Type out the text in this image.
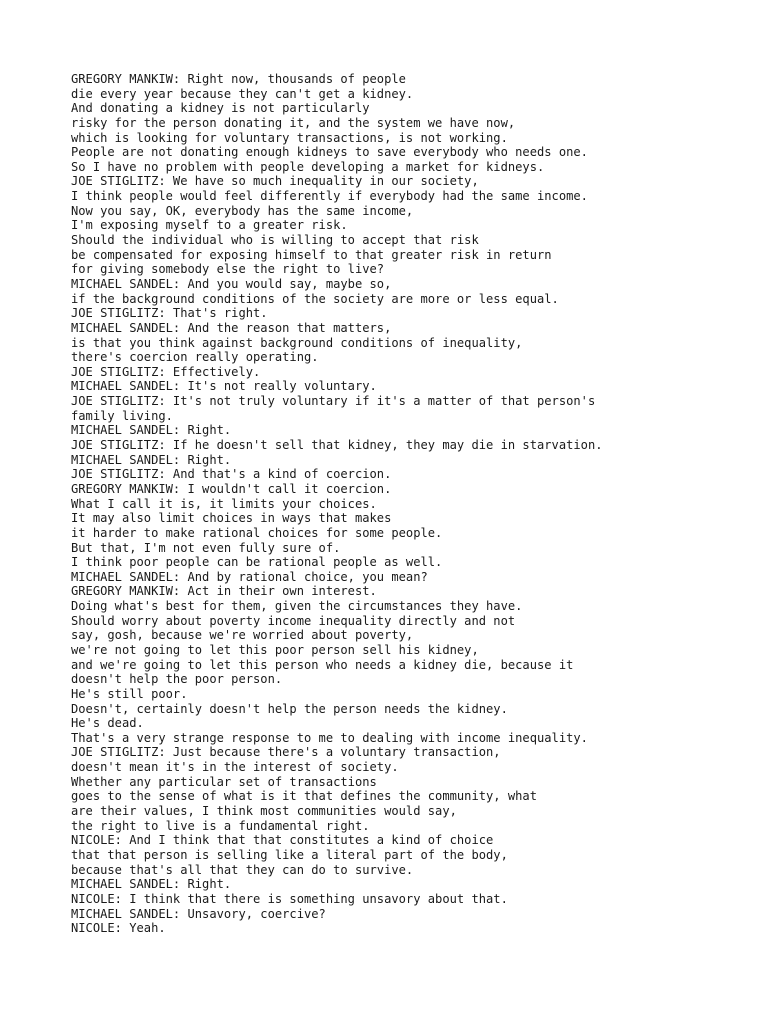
GREGORY MANKIW: Right now, thousands of people
die every year because they can't get a kidney.
And donating a kidney is not particularly
risky for the person donating it, and the system we have now,
which is looking for voluntary transactions, is not working.
People are not donating enough kidneys to save everybody who needs one.
So I have no problem with people developing a market for kidneys.
JOE STIGLITZ: We have so much inequality in our society,
I think people would feel differently if everybody had the same income.
Now you say, OK, everybody has the same income,
I'm exposing myself to a greater risk.
Should the individual who is willing to accept that risk
be compensated for exposing himself to that greater risk in return
for giving somebody else the right to live?
MICHAEL SANDEL: And you would say, maybe so,
if the background conditions of the society are more or less equal.
JOE STIGLITZ: That's right.
MICHAEL SANDEL: And the reason that matters,
is that you think against background conditions of inequality,
there's coercion really operating.
JOE STIGLITZ: Effectively.
MICHAEL SANDEL: It's not really voluntary.
JOE STIGLITZ: It's not truly voluntary if it's a matter of that person's
family living.
MICHAEL SANDEL: Right.
JOE STIGLITZ: If he doesn't sell that kidney, they may die in starvation.
MICHAEL SANDEL: Right.
JOE STIGLITZ: And that's a kind of coercion.
GREGORY MANKIW: I wouldn't call it coercion.
What I call it is, it limits your choices.
It may also limit choices in ways that makes
it harder to make rational choices for some people.
But that, I'm not even fully sure of.
I think poor people can be rational people as well.
MICHAEL SANDEL: And by rational choice, you mean?
GREGORY MANKIW: Act in their own interest.
Doing what's best for them, given the circumstances they have.
Should worry about poverty income inequality directly and not
say, gosh, because we're worried about poverty,
we're not going to let this poor person sell his kidney,
and we're going to let this person who needs a kidney die, because it
doesn't help the poor person.
He's still poor.
Doesn't, certainly doesn't help the person needs the kidney.
He's dead.
That's a very strange response to me to dealing with income inequality.
JOE STIGLITZ: Just because there's a voluntary transaction,
doesn't mean it's in the interest of society.
Whether any particular set of transactions
goes to the sense of what is it that defines the community, what
are their values, I think most communities would say,
the right to live is a fundamental right.
NICOLE: And I think that that constitutes a kind of choice
that that person is selling like a literal part of the body,
because that's all that they can do to survive.
MICHAEL SANDEL: Right.
NICOLE: I think that there is something unsavory about that.
MICHAEL SANDEL: Unsavory, coercive?
NICOLE: Yeah.
